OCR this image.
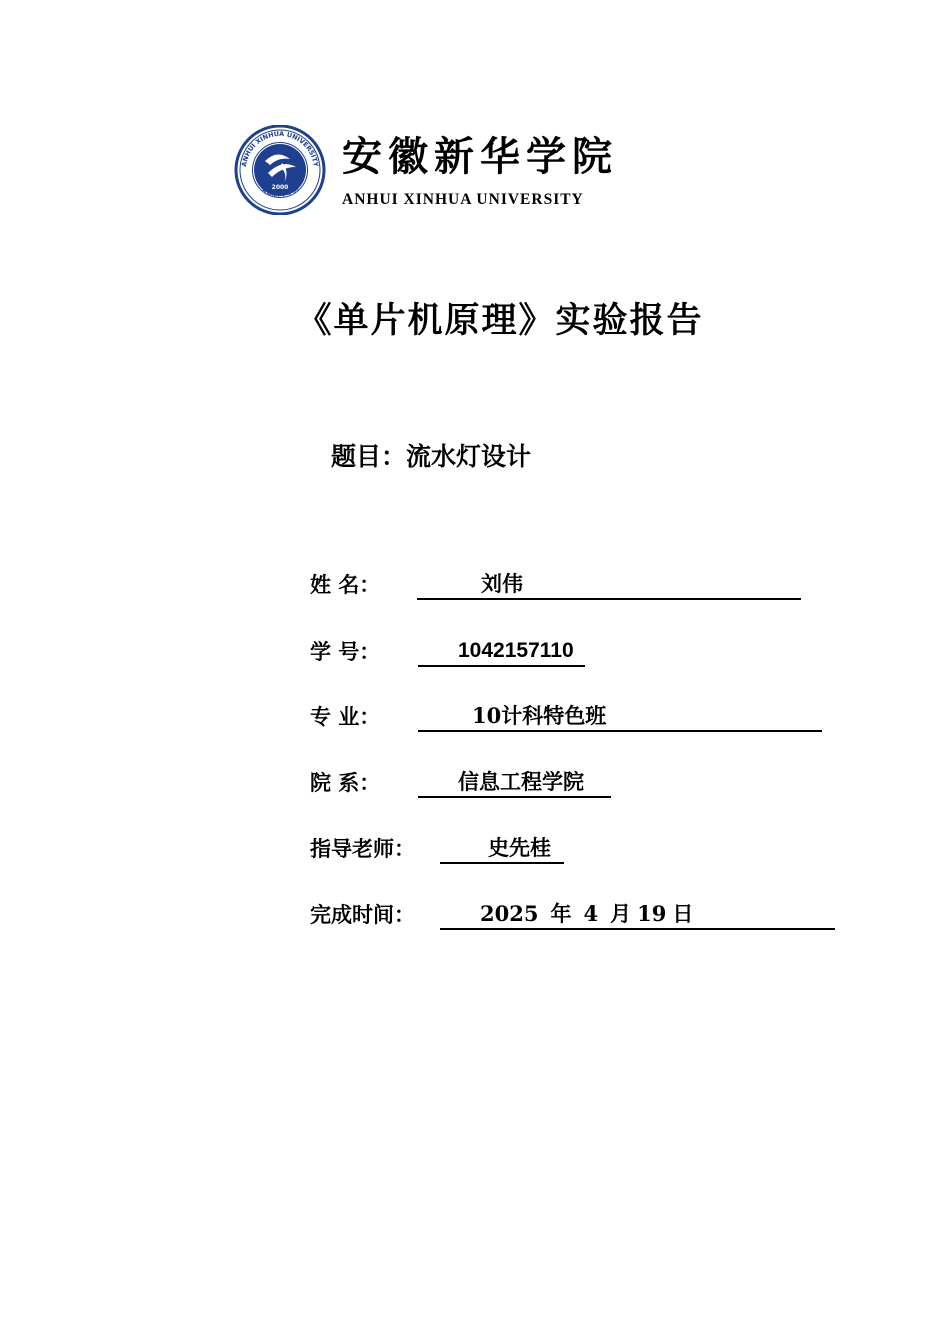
2000
ANHUI XINHUA UNIVERSITY
安徽新华学院
安徽新华学院
ANHUI XINHUA UNIVERSITY
《单片机原理》实验报告
题目：流水灯设计
姓 名：	刘伟
学 号：	1042157110
专 业：	10计科特色班
院 系：	信息工程学院
指导老师：	史先桂
完成时间：	2025 年 4 月 19 日
